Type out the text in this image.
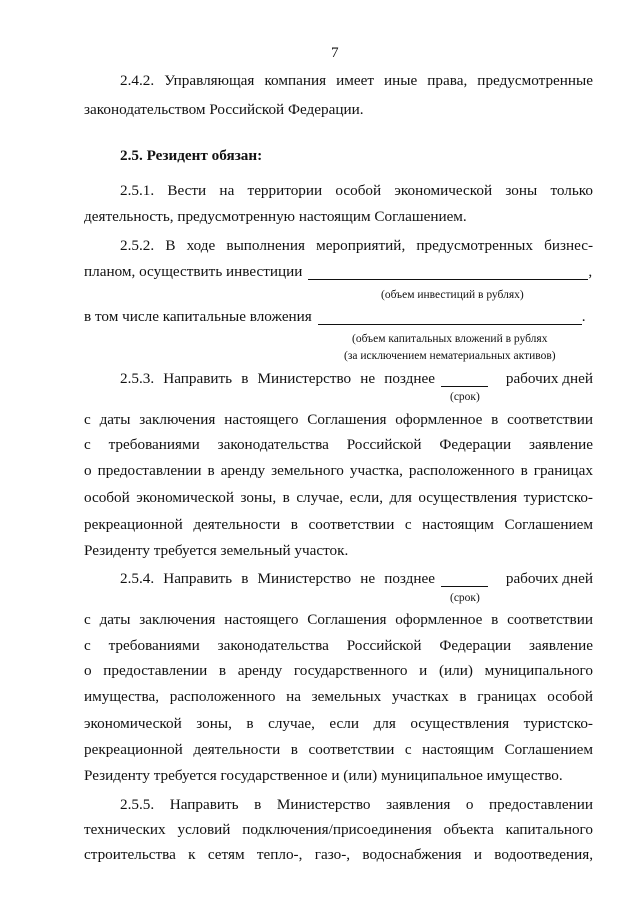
7
2.4.2. Управляющая компания имеет иные права, предусмотренные
законодательством Российской Федерации.
2.5. Резидент обязан:
2.5.1. Вести на территории особой экономической зоны только
деятельность, предусмотренную настоящим Соглашением.
2.5.2. В ходе выполнения мероприятий, предусмотренных бизнес-
планом, осуществить инвестиции	,
(объем инвестиций в рублях)
в том числе капитальные вложения	.
(объем капитальных вложений в рублях
(за исключением нематериальных активов)
2.5.3. Направить в Министерство не позднее	рабочих дней
(срок)
с даты заключения настоящего Соглашения оформленное в соответствии
с требованиями законодательства Российской Федерации заявление
о предоставлении в аренду земельного участка, расположенного в границах
особой экономической зоны, в случае, если, для осуществления туристско-
рекреационной деятельности в соответствии с настоящим Соглашением
Резиденту требуется земельный участок.
2.5.4. Направить в Министерство не позднее	рабочих дней
(срок)
с даты заключения настоящего Соглашения оформленное в соответствии
с требованиями законодательства Российской Федерации заявление
о предоставлении в аренду государственного и (или) муниципального
имущества, расположенного на земельных участках в границах особой
экономической зоны, в случае, если для осуществления туристско-
рекреационной деятельности в соответствии с настоящим Соглашением
Резиденту требуется государственное и (или) муниципальное имущество.
2.5.5. Направить в Министерство заявления о предоставлении
технических условий подключения/присоединения объекта капитального
строительства к сетям тепло-, газо-, водоснабжения и водоотведения,
